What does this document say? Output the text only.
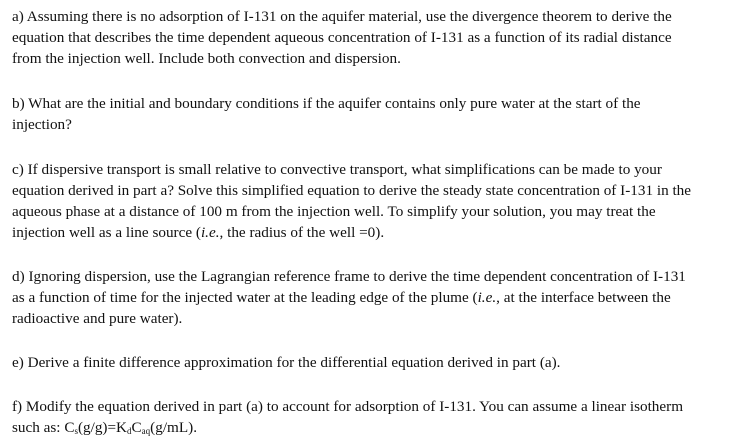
a) Assuming there is no adsorption of I-131 on the aquifer material, use the divergence theorem to derive the
equation that describes the time dependent aqueous concentration of I-131 as a function of its radial distance
from the injection well. Include both convection and dispersion.

b) What are the initial and boundary conditions if the aquifer contains only pure water at the start of the
injection?

c) If dispersive transport is small relative to convective transport, what simplifications can be made to your
equation derived in part a? Solve this simplified equation to derive the steady state concentration of I-131 in the
aqueous phase at a distance of 100 m from the injection well. To simplify your solution, you may treat the
injection well as a line source (i.e., the radius of the well =0).

d) Ignoring dispersion, use the Lagrangian reference frame to derive the time dependent concentration of I-131
as a function of time for the injected water at the leading edge of the plume (i.e., at the interface between the
radioactive and pure water).

e) Derive a finite difference approximation for the differential equation derived in part (a).

f) Modify the equation derived in part (a) to account for adsorption of I-131. You can assume a linear isotherm
such as: $C_s(g/g)=K_dC_{aq}(g/mL)$.
